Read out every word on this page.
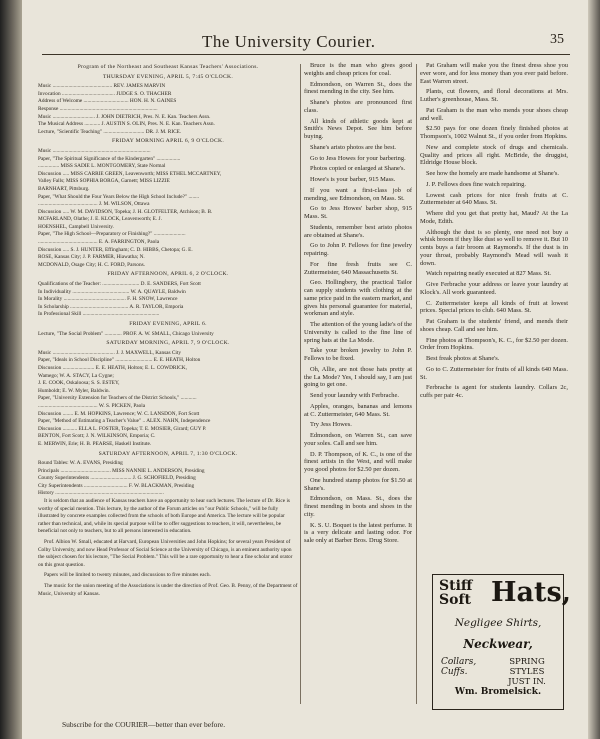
The University Courier.	35
Program of the Northeast and Southeast Kansas Teachers' Associations.
THURSDAY EVENING, APRIL 5, 7:45 O'CLOCK.
Music ............................................. REV. JAMES MARVIN
Invocation ........................................ JUDGE S. O. THACHER
Address of Welcome .................................. HON. H. N. GAINES
Response ..........................................................................
Music ................................ J. JOHN DIETRICH, Pres. N. E. Kan. Teachers Assn.
The Musical Address ............ J. AUSTIN S. OLIN, Pres. N. E. Kan. Teachers Assn.
Lecture, "Scientific Teaching" ............................... DR. J. M. RICE.
FRIDAY MORNING APRIL 6, 9 O'CLOCK.
Music ..........................................................................
Paper, "The Spiritual Significance of the Kindergarten" ..................
................ MISS SADIE L. MONTGOMERY, State Normal
Discussion ..... MISS CARRIE GREEN, Leavenworth; MISS ETHEL MCCARTNEY,
Valley Falls; MISS SOPHIA BORGA, Garnett; MISS LIZZIE
BARNHART, Pittsburg.
Paper, "What Should the Four Years Below the High School Include?" ........
............................................. J. M. WILSON, Ottawa
Discussion ..... W. M. DAVIDSON, Topeka; J. H. GLOTFELTER, Atchison; B. B.
MCFARLAND, Olathe; J. E. KLOCK, Leavenworth; E. J.
HOENSHEL, Campbell University.
Paper, "The High School—Preparatory or Finishing?" ........................
............................................. E. A. FARRINGTON, Paola
Discussion ..... S. J. HUNTER, Effingham; C. D. HIBBS, Chetopa; G. E.
ROSE, Kansas City; J. P. FARMER, Hiawatha; N.
MCDONALD, Osage City; H. C. FORD, Parsons.
FRIDAY AFTERNOON, APRIL 6, 2 O'CLOCK.
Qualifications of the Teacher: ............................ D. E. SANDERS, Fort Scott
In Individuality ........................................... W. A. QUAYLE, Baldwin
In Morality ............................................... F. H. SNOW, Lawrence
In Scholarship ............................................ A. R. TAYLOR, Emporia
In Professional Skill ..........................................................
FRIDAY EVENING, APRIL 6.
Lecture, "The Social Problem" ............. PROF. A. W. SMALL, Chicago University
SATURDAY MORNING, APRIL 7, 9 O'CLOCK.
Music ............................................... J. J. MAXWELL, Kansas City
Paper, "Ideals in School Discipline" ............................ E. E. HEATH, Holton
Discussion ........................ E. E. HEATH, Holton; E. L. COWDRICK,
Wamego; W. A. STACY, La Cygne;
J. E. COOK, Oskaloosa; S. S. ESTEY,
Humboldt; E. W. Myler, Baldwin.
Paper, "University Extension for Teachers of the District Schools," ............
............................................. W. S. PICKEN, Paola
Discussion ........ E. M. HOPKINS, Lawrence; W. C. LANSDON, Fort Scott
Paper, "Method of Estimating a Teacher's Value" .. ALEX. NAHN, Independence
Discussion ........... ELLA L. FOSTER, Topeka; T. E. MOSIER, Girard; GUY P.
BENTON, Fort Scott; J. N. WILKINSON, Emporia; C.
E. MERWIN, Erie; H. B. PEARSE, Haskell Institute.
SATURDAY AFTERNOON, APRIL 7, 1:30 O'CLOCK.
Round Tables: W. A. EVANS, Presiding
Principals ...................................... MISS NANNIE L. ANDERSON, Presiding
County Superintendents ............................... J. G. SCHOFIELD, Presiding
City Superintendents ................................. F. W. BLACKMAN, Presiding
History ..................................................................................

It is seldom that an audience of Kansas teachers have an opportunity to hear such lectures. The lecture of Dr. Rice is worthy of special mention. This lecture, by the author of the Forum articles on "our Public Schools," will be fully illustrated by concrete examples collected from the schools of both Europe and America. The lecture will be popular rather than technical, and, while its special purpose will be to offer suggestions to teachers, it will, nevertheless, be beneficial not only to teachers, but to all persons interested in education.

Prof. Albion W. Small, educated at Harvard, European Universities and John Hopkins; for several years President of Colby University, and now Head Professor of Social Science at the University of Chicago, is an eminent authority upon the subject chosen for his lecture, "The Social Problem." This will be a rare opportunity to hear a fine scholar and orator on this great question.

Papers will be limited to twenty minutes, and discussions to five minutes each.

The music for the union meeting of the Associations is under the direction of Prof. Geo. B. Penny, of the Department of Music, University of Kansas.

Bruce is the man who gives good weights and cheap prices for coal.

Edmondson, on Warren St., does the finest mending in the city. See him.

Shane's photos are pronounced first class.

All kinds of athletic goods kept at Smith's News Depot. See him before buying.

Shane's aristo photos are the best.

Go to Jess Howes for your barbering.

Photos copied or enlarged at Shane's.

Howe's is your barber, 915 Mass.

If you want a first-class job of mending, see Edmondson, on Mass. St.

Go to Jess Howes' barber shop, 915 Mass. St.

Students, remember best aristo photos are obtained at Shane's.

Go to John P. Fellows for fine jewelry repairing.

For fine fresh fruits see C. Zuttermeister, 640 Massachusetts St.

Geo. Hollingbery, the practical Tailor can supply students with clothing at the same price paid in the eastern market, and gives his personal guarantee for material, workman and style.

The attention of the young ladie's of the University is called to the fine line of spring hats at the La Mode.

Take your broken jewelry to John P. Fellows to be fixed.

Oh, Allie, are not those hats pretty at the La Mode? Yes, I should say, I am just going to get one.

Send your laundry with Ferbrache.

Apples, oranges, bananas and lemons at C. Zuttermeister, 640 Mass. St.

Try Jess Howes.

Edmondson, on Warren St., can save your soles. Call and see him.

D. P. Thompson, of K. C., is one of the finest artists in the West, and will make you good photos for $2.50 per dozen.

One hundred stamp photos for $1.50 at Shane's.

Edmondson, on Mass. St., does the finest mending in boots and shoes in the city.

K. S. U. Boquet is the latest perfume. It is a very delicate and lasting odor. For sale only at Barber Bros. Drug Store.

Pat Graham will make you the finest dress shoe you ever wore, and for less money than you ever paid before. East Warren street.

Plants, cut flowers, and floral decorations at Mrs. Luther's greenhouse, Mass. St.

Pat Graham is the man who mends your shoes cheap and well.

$2.50 pays for one dozen finely finished photos at Thompson's, 1002 Walnut St., if you order from Hopkins.

New and complete stock of drugs and chemicals. Quality and prices all right. McBride, the druggist, Eldridge House block.

See how the homely are made handsome at Shane's.

J. P. Fellows does fine watch repairing.

Lowest cash prices for nice fresh fruits at C. Zuttermeister at 640 Mass. St.

Where did you get that pretty hat, Maud? At the La Mode, Edith.

Although the dust is so plenty, one need not buy a whisk broom if they like dust so well to remove it. But 10 cents buys a fair broom at Raymond's. If the dust is in your throat, probably Raymond's Mead will wash it down.

Watch repairing neatly executed at 827 Mass. St.

Give Ferbrache your address or leave your laundry at Klock's. All work guaranteed.

C. Zuttermeister keeps all kinds of fruit at lowest prices. Special prices to club. 640 Mass. St.

Pat Graham is the students' friend, and mends their shoes cheap. Call and see him.

Fine photos at Thompson's, K. C., for $2.50 per dozen. Order from Hopkins.

Best freak photos at Shane's.

Go to C. Zuttermeister for fruits of all kinds 640 Mass. St.

Ferbrache is agent for students laundry. Collars 2c, cuffs per pair 4c.

Stiff
Soft Hats,
Negligee Shirts,
Neckwear,
Collars,
Cuffs.
SPRING STYLES
JUST IN.
Wm. Bromelsick.
Subscribe for the COURIER—better than ever before.
